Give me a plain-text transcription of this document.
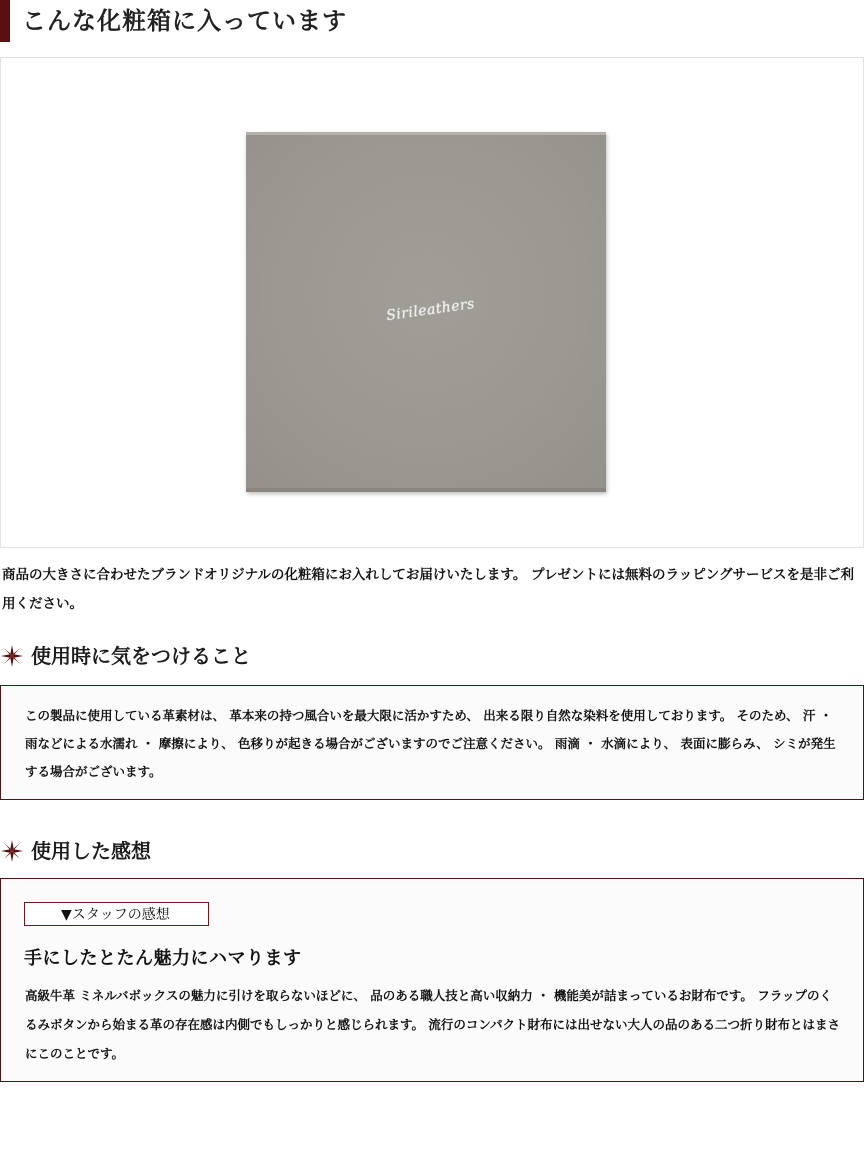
こんな化粧箱に入っています
Sirileathers
商品の大きさに合わせたブランドオリジナルの化粧箱にお入れしてお届けいたします。 プレゼントには無料のラッピングサービスを是非ご利用ください。
使用時に気をつけること
この製品に使用している革素材は、 革本来の持つ風合いを最大限に活かすため、 出来る限り自然な染料を使用しております。 そのため、 汗 ・ 雨などによる水濡れ ・ 摩擦により、 色移りが起きる場合がございますのでご注意ください。 雨滴 ・ 水滴により、 表面に膨らみ、 シミが発生する場合がございます。
使用した感想
▼スタッフの感想
手にしたとたん魅力にハマります
高級牛革 ミネルバボックスの魅力に引けを取らないほどに、 品のある職人技と高い収納力 ・ 機能美が詰まっているお財布です。 フラップのくるみボタンから始まる革の存在感は内側でもしっかりと感じられます。 流行のコンパクト財布には出せない大人の品のある二つ折り財布とはまさにこのことです。
